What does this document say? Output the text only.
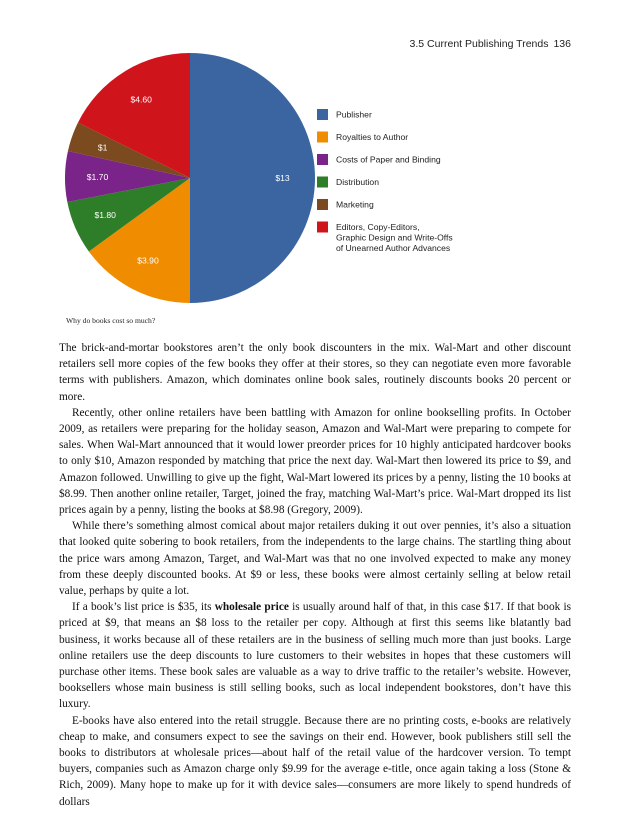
3.5 Current Publishing Trends 136
$13
$3.90
$1.80
$1.70
$1
$4.60
Publisher
Royalties to Author
Costs of Paper and Binding
Distribution
Marketing
Editors, Copy-Editors,
Graphic Design and Write-Offs
of Unearned Author Advances
Why do books cost so much?

The brick-and-mortar bookstores aren’t the only book discounters in the mix. Wal-Mart and other discount retailers sell more copies of the few books they offer at their stores, so they can negotiate even more favorable terms with publishers. Amazon, which dominates online book sales, routinely discounts books 20 percent or more.

Recently, other online retailers have been battling with Amazon for online bookselling profits. In October 2009, as retailers were preparing for the holiday season, Amazon and Wal-Mart were preparing to compete for sales. When Wal-Mart announced that it would lower preorder prices for 10 highly anticipated hardcover books to only $10, Amazon responded by matching that price the next day. Wal-Mart then lowered its price to $9, and Amazon followed. Unwilling to give up the fight, Wal-Mart lowered its prices by a penny, listing the 10 books at $8.99. Then another online retailer, Target, joined the fray, matching Wal-Mart’s price. Wal-Mart dropped its list prices again by a penny, listing the books at $8.98 (Gregory, 2009).

While there’s something almost comical about major retailers duking it out over pennies, it’s also a situation that looked quite sobering to book retailers, from the independents to the large chains. The startling thing about the price wars among Amazon, Target, and Wal-Mart was that no one involved expected to make any money from these deeply discounted books. At $9 or less, these books were almost certainly selling at below retail value, perhaps by quite a lot.

If a book’s list price is $35, its wholesale price is usually around half of that, in this case $17. If that book is priced at $9, that means an $8 loss to the retailer per copy. Although at first this seems like blatantly bad business, it works because all of these retailers are in the business of selling much more than just books. Large online retailers use the deep discounts to lure customers to their websites in hopes that these customers will purchase other items. These book sales are valuable as a way to drive traffic to the retailer’s website. However, booksellers whose main business is still selling books, such as local independent bookstores, don’t have this luxury.

E-books have also entered into the retail struggle. Because there are no printing costs, e-books are relatively cheap to make, and consumers expect to see the savings on their end. However, book publishers still sell the books to distributors at wholesale prices—about half of the retail value of the hardcover version. To tempt buyers, companies such as Amazon charge only $9.99 for the average e-title, once again taking a loss (Stone & Rich, 2009). Many hope to make up for it with device sales—consumers are more likely to spend hundreds of dollars
